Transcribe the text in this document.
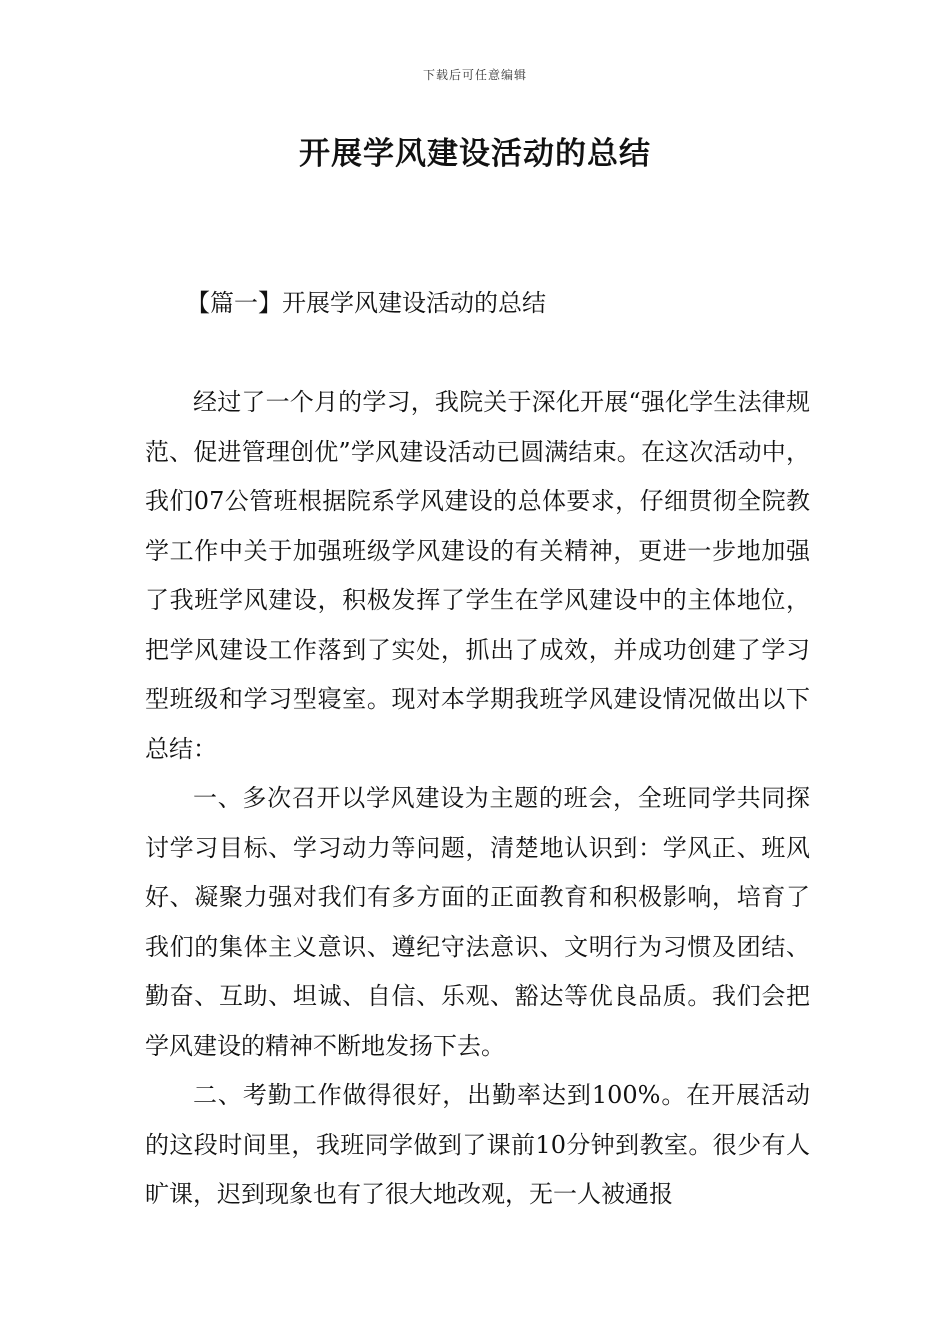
下载后可任意编辑
开展学风建设活动的总结
【篇一】开展学风建设活动的总结

经过了一个月的学习，我院关于深化开展“强化学生法律规范、促进管理创优”学风建设活动已圆满结束。在这次活动中，我们07公管班根据院系学风建设的总体要求，仔细贯彻全院教学工作中关于加强班级学风建设的有关精神，更进一步地加强了我班学风建设，积极发挥了学生在学风建设中的主体地位，把学风建设工作落到了实处，抓出了成效，并成功创建了学习型班级和学习型寝室。现对本学期我班学风建设情况做出以下总结：

一、多次召开以学风建设为主题的班会，全班同学共同探讨学习目标、学习动力等问题，清楚地认识到：学风正、班风好、凝聚力强对我们有多方面的正面教育和积极影响，培育了我们的集体主义意识、遵纪守法意识、文明行为习惯及团结、勤奋、互助、坦诚、自信、乐观、豁达等优良品质。我们会把学风建设的精神不断地发扬下去。

二、考勤工作做得很好，出勤率达到100%。在开展活动的这段时间里，我班同学做到了课前10分钟到教室。很少有人旷课，迟到现象也有了很大地改观，无一人被通报
